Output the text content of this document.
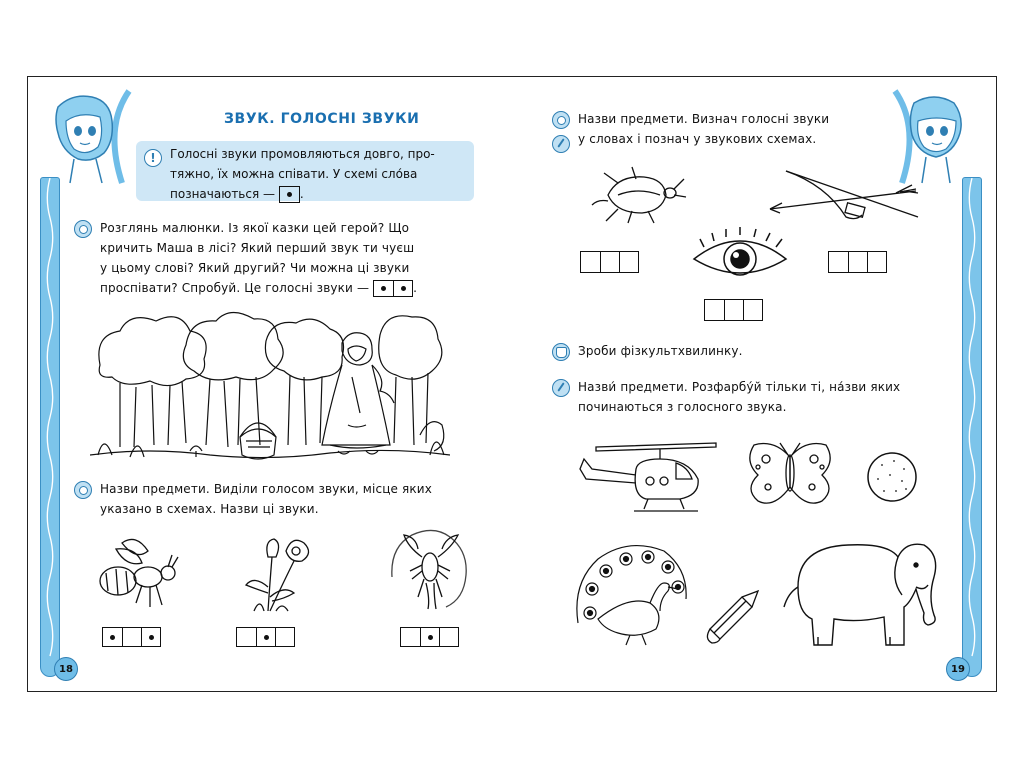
ЗВУК. ГОЛОСНІ ЗВУКИ
!	Голосні звуки промовляються довго, про-
тяжно, їх можна співати. У схемі сло́ва
позначаються — .
Розглянь малюнки. Із якої казки цей герой? Що
кричить Маша в лісі? Який перший звук ти чуєш
у цьому слові? Який другий? Чи можна ці звуки
проспівати? Спробуй. Це голосні звуки —	.
Назви предмети. Виділи голосом звуки, місце яких
указано в схемах. Назви ці звуки.
18
Назви предмети. Визнач голосні звуки
у словах і познач у звукових схемах.
Зроби фізкультхвилинку.
Назви́ предмети. Розфарбу́й тільки ті, на́зви яких
починаються з голосного звука.
19
